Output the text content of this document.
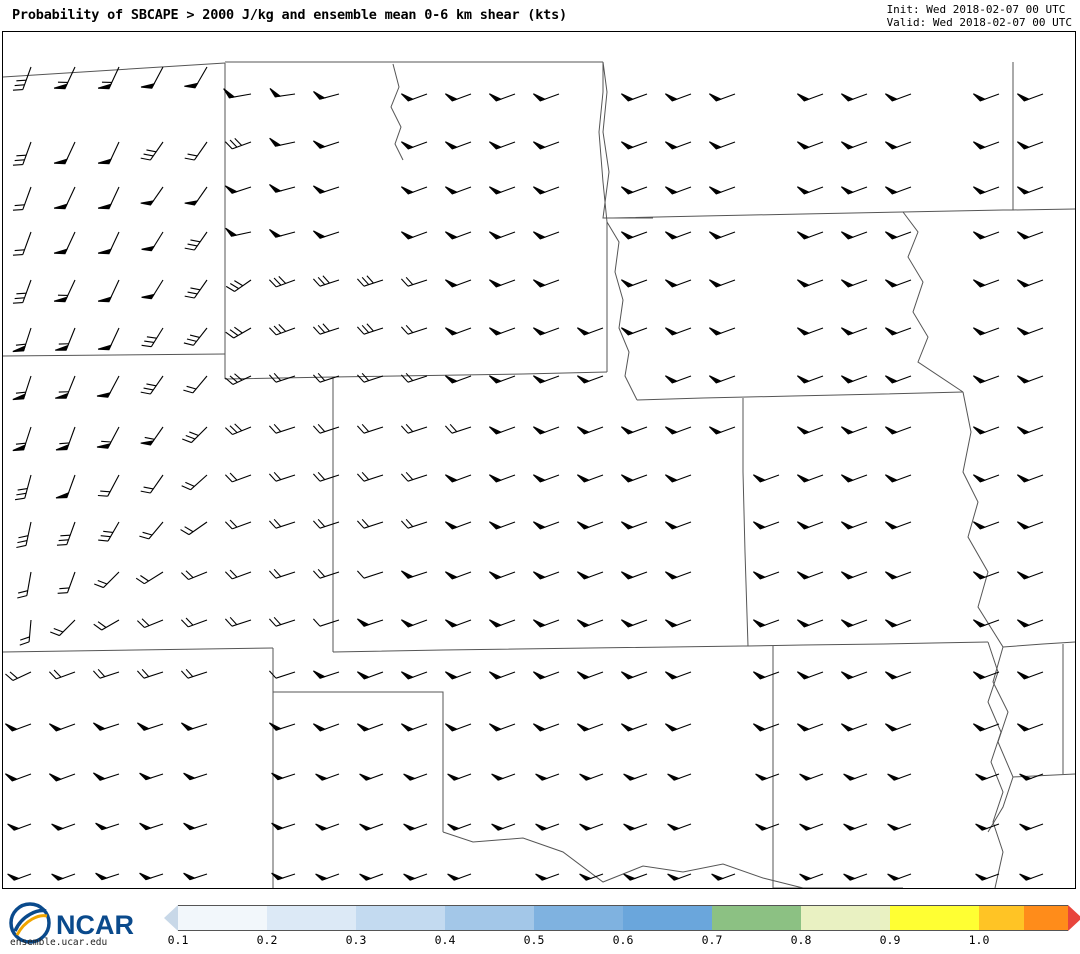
Probability of SBCAPE > 2000 J/kg and ensemble mean 0-6 km shear (kts)	Init: Wed 2018-02-07 00 UTC
Valid: Wed 2018-02-07 00 UTC
NCAR
ensemble.ucar.edu	0.1	0.2	0.3	0.4	0.5	0.6	0.7	0.8	0.9	1.0
